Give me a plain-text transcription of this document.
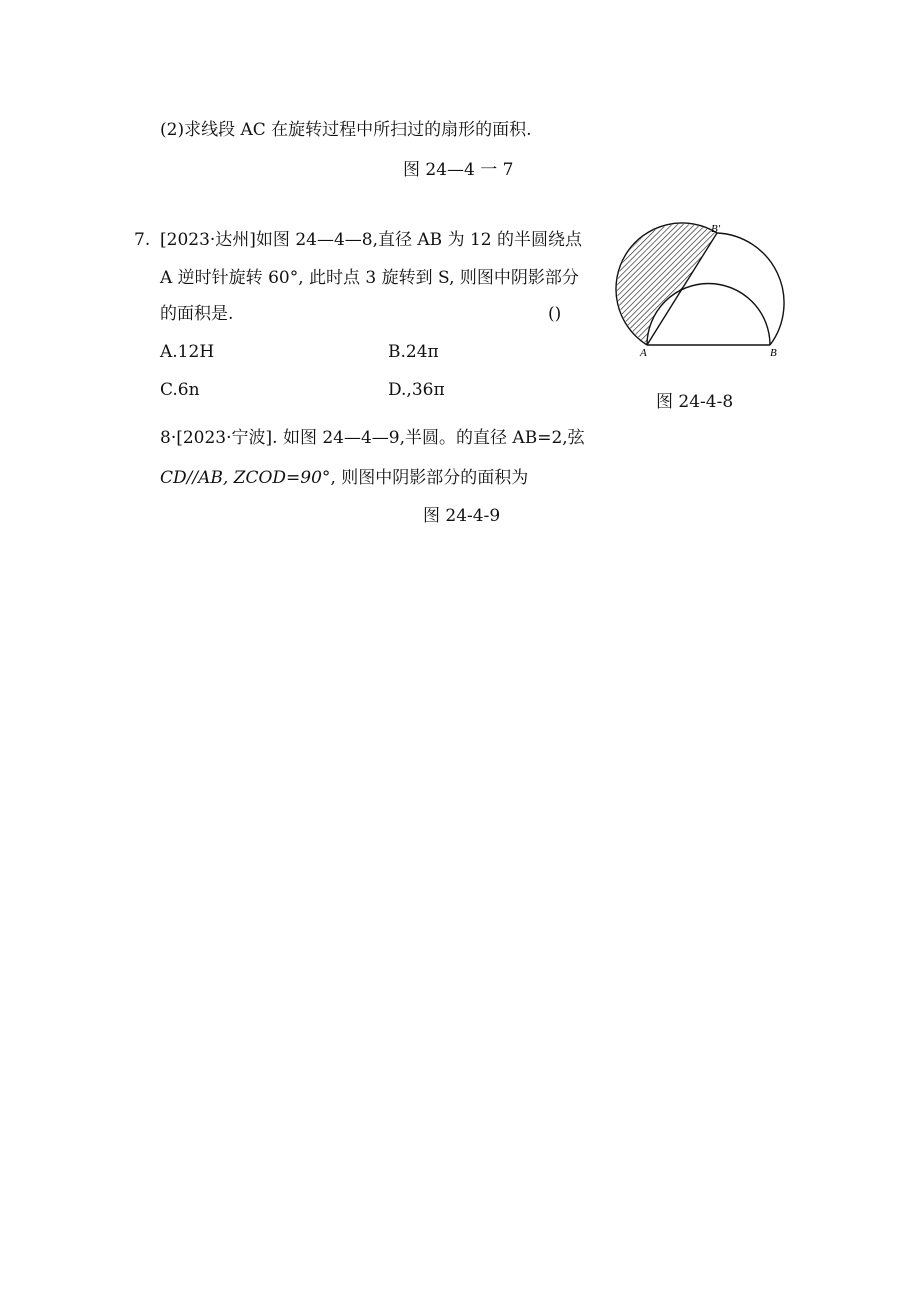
(2)求线段 AC 在旋转过程中所扫过的扇形的面积.
图 24—4 一 7
7. [2023·达州]如图 24—4—8,直径 AB 为 12 的半圆绕点
A 逆时针旋转 60°, 此时点 3 旋转到 S, 则图中阴影部分
的面积是.	()
A.12H	B.24π
C.6n	D.,36π
A	B
B′
图 24-4-8
8·[2023·宁波]. 如图 24—4—9,半圆。的直径 AB=2,弦
CD//AB, ZCOD=90°, 则图中阴影部分的面积为
图 24-4-9
